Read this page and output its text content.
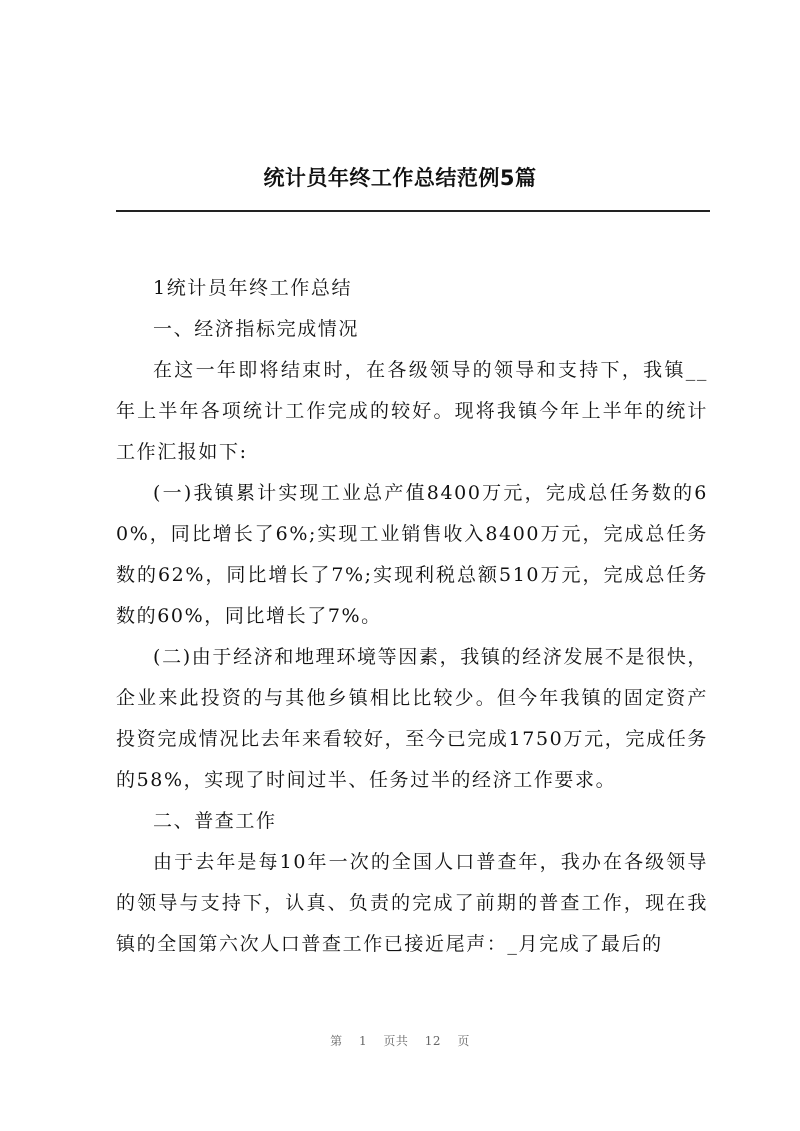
统计员年终工作总结范例5篇

1统计员年终工作总结

一、经济指标完成情况

在这一年即将结束时，在各级领导的领导和支持下，我镇__年上半年各项统计工作完成的较好。现将我镇今年上半年的统计工作汇报如下:

(一)我镇累计实现工业总产值8400万元，完成总任务数的60%，同比增长了6%;实现工业销售收入8400万元，完成总任务数的62%，同比增长了7%;实现利税总额510万元，完成总任务数的60%，同比增长了7%。

(二)由于经济和地理环境等因素，我镇的经济发展不是很快，企业来此投资的与其他乡镇相比比较少。但今年我镇的固定资产投资完成情况比去年来看较好，至今已完成1750万元，完成任务的58%，实现了时间过半、任务过半的经济工作要求。

二、普查工作

由于去年是每10年一次的全国人口普查年，我办在各级领导的领导与支持下，认真、负责的完成了前期的普查工作，现在我镇的全国第六次人口普查工作已接近尾声：_月完成了最后的

第 1 页共 12 页
